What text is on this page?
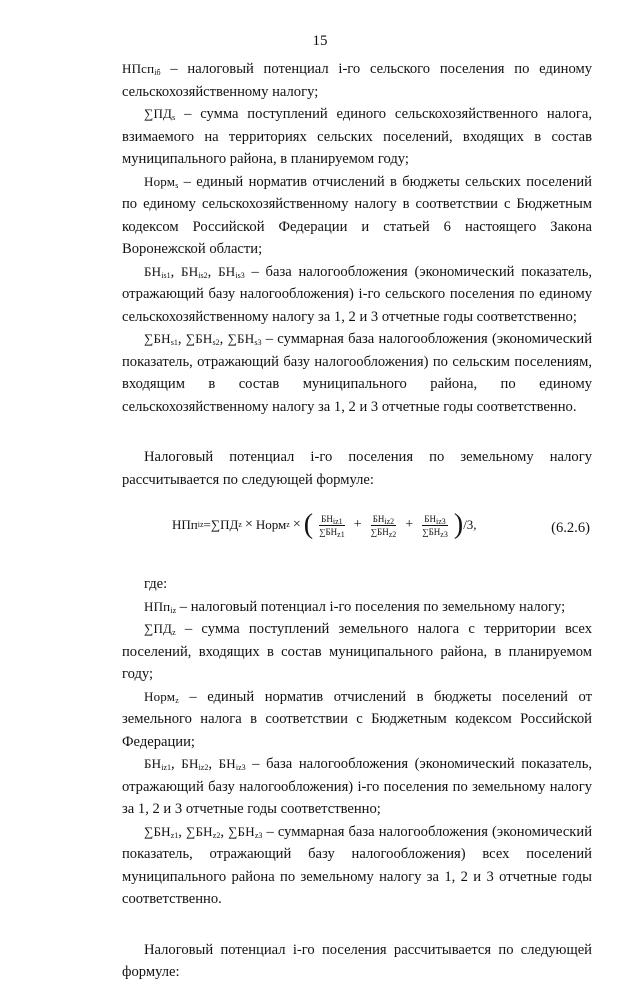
15

НПсп$_{iб}$ – налоговый потенциал i-го сельского поселения по единому сельскохозяйственному налогу;

$\sum ПД_s$ – сумма поступлений единого сельскохозяйственного налога, взимаемого на территориях сельских поселений, входящих в состав муниципального района, в планируемом году;

Норм$_s$ – единый норматив отчислений в бюджеты сельских поселений по единому сельскохозяйственному налогу в соответствии с Бюджетным кодексом Российской Федерации и статьей 6 настоящего Закона Воронежской области;

$БН_{is1}$, $БН_{is2}$, $БН_{is3}$ – база налогообложения (экономический показатель, отражающий базу налогообложения) i-го сельского поселения по единому сельскохозяйственному налогу за 1, 2 и 3 отчетные годы соответственно;

$\sum БН_{s1}$, $\sum БН_{s2}$, $\sum БН_{s3}$ – суммарная база налогообложения (экономический показатель, отражающий базу налогообложения) по сельским поселениям, входящим в состав муниципального района, по единому сельскохозяйственному налогу за 1, 2 и 3 отчетные годы соответственно.

Налоговый потенциал i-го поселения по земельному налогу рассчитывается по следующей формуле:

НПп iz = ∑ПД z × Норм z × ( $\frac{БН_{iz1}}{\sum БН_{z1}} + \frac{БН_{iz2}}{\sum БН_{z2}} + \frac{БН_{iz3}}{\sum БН_{z3}}$ ) /3,	(6.2.6)

где:

НПп$_{iz}$ – налоговый потенциал i-го поселения по земельному налогу;

$\sum ПД_z$ – сумма поступлений земельного налога с территории всех поселений, входящих в состав муниципального района, в планируемом году;

Норм$_z$ – единый норматив отчислений в бюджеты поселений от земельного налога в соответствии с Бюджетным кодексом Российской Федерации;

$БН_{iz1}$, $БН_{iz2}$, $БН_{iz3}$ – база налогообложения (экономический показатель, отражающий базу налогообложения) i-го поселения по земельному налогу за 1, 2 и 3 отчетные годы соответственно;

$\sum БН_{z1}$, $\sum БН_{z2}$, $\sum БН_{z3}$ – суммарная база налогообложения (экономический показатель, отражающий базу налогообложения) всех поселений муниципального района по земельному налогу за 1, 2 и 3 отчетные годы соответственно.

Налоговый потенциал i-го поселения рассчитывается по следующей формуле:
